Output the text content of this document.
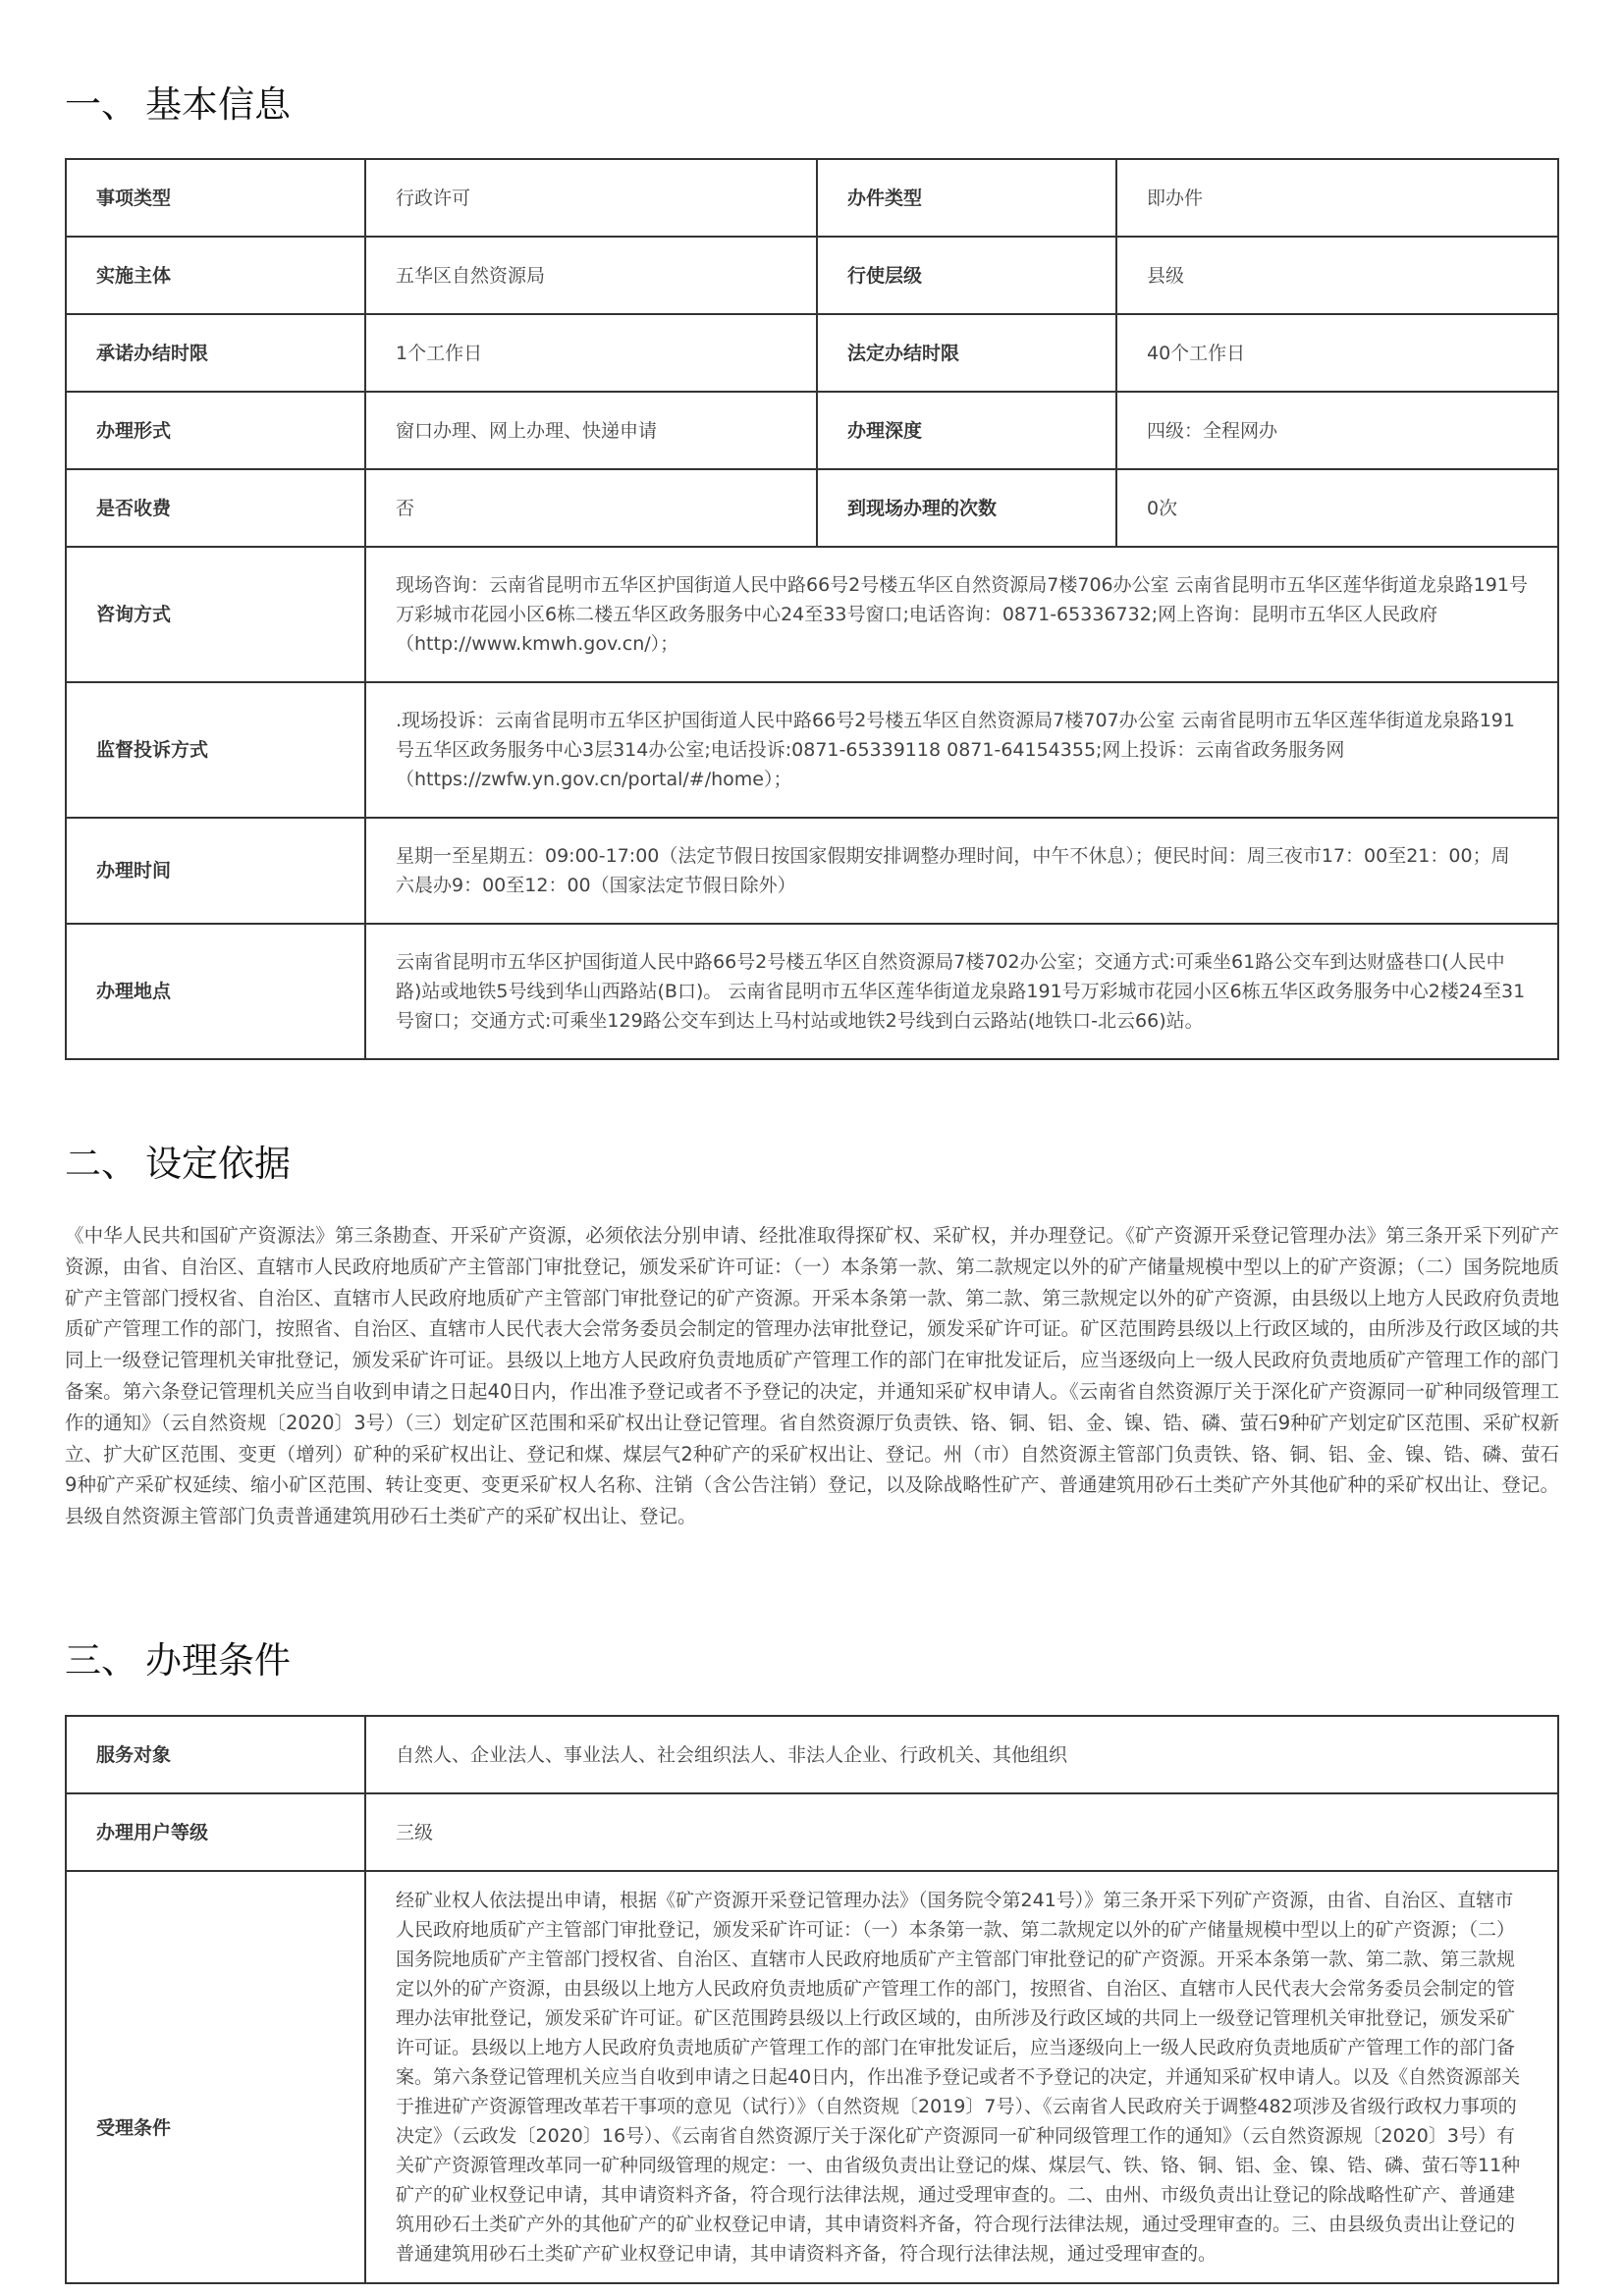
一、 基本信息
事项类型	行政许可	办件类型	即办件
实施主体	五华区自然资源局	行使层级	县级
承诺办结时限	1个工作日	法定办结时限	40个工作日
办理形式	窗口办理、网上办理、快递申请	办理深度	四级：全程网办
是否收费	否	到现场办理的次数	0次
咨询方式	现场咨询：云南省昆明市五华区护国街道人民中路66号2号楼五华区自然资源局7楼706办公室 云南省昆明市五华区莲华街道龙泉路191号万彩城市花园小区6栋二楼五华区政务服务中心24至33号窗口;电话咨询：0871-65336732;网上咨询：昆明市五华区人民政府（http://www.kmwh.gov.cn/）；		
监督投诉方式	.现场投诉：云南省昆明市五华区护国街道人民中路66号2号楼五华区自然资源局7楼707办公室 云南省昆明市五华区莲华街道龙泉路191号五华区政务服务中心3层314办公室;电话投诉:0871-65339118 0871-64154355;网上投诉：云南省政务服务网（https://zwfw.yn.gov.cn/portal/#/home）；		
办理时间	星期一至星期五：09:00-17:00（法定节假日按国家假期安排调整办理时间，中午不休息）；便民时间：周三夜市17：00至21：00；周六晨办9：00至12：00（国家法定节假日除外）		
办理地点	云南省昆明市五华区护国街道人民中路66号2号楼五华区自然资源局7楼702办公室；交通方式:可乘坐61路公交车到达财盛巷口(人民中路)站或地铁5号线到华山西路站(B口)。 云南省昆明市五华区莲华街道龙泉路191号万彩城市花园小区6栋五华区政务服务中心2楼24至31号窗口；交通方式:可乘坐129路公交车到达上马村站或地铁2号线到白云路站(地铁口-北云66)站。		
二、 设定依据

《中华人民共和国矿产资源法》第三条勘查、开采矿产资源，必须依法分别申请、经批准取得探矿权、采矿权，并办理登记。《矿产资源开采登记管理办法》第三条开采下列矿产资源，由省、自治区、直辖市人民政府地质矿产主管部门审批登记，颁发采矿许可证：（一）本条第一款、第二款规定以外的矿产储量规模中型以上的矿产资源；（二）国务院地质矿产主管部门授权省、自治区、直辖市人民政府地质矿产主管部门审批登记的矿产资源。开采本条第一款、第二款、第三款规定以外的矿产资源，由县级以上地方人民政府负责地质矿产管理工作的部门，按照省、自治区、直辖市人民代表大会常务委员会制定的管理办法审批登记，颁发采矿许可证。矿区范围跨县级以上行政区域的，由所涉及行政区域的共同上一级登记管理机关审批登记，颁发采矿许可证。县级以上地方人民政府负责地质矿产管理工作的部门在审批发证后，应当逐级向上一级人民政府负责地质矿产管理工作的部门备案。第六条登记管理机关应当自收到申请之日起40日内，作出准予登记或者不予登记的决定，并通知采矿权申请人。《云南省自然资源厅关于深化矿产资源同一矿种同级管理工作的通知》（云自然资规〔2020〕3号）（三）划定矿区范围和采矿权出让登记管理。省自然资源厅负责铁、铬、铜、铝、金、镍、锆、磷、萤石9种矿产划定矿区范围、采矿权新立、扩大矿区范围、变更（增列）矿种的采矿权出让、登记和煤、煤层气2种矿产的采矿权出让、登记。州（市）自然资源主管部门负责铁、铬、铜、铝、金、镍、锆、磷、萤石9种矿产采矿权延续、缩小矿区范围、转让变更、变更采矿权人名称、注销（含公告注销）登记，以及除战略性矿产、普通建筑用砂石土类矿产外其他矿种的采矿权出让、登记。县级自然资源主管部门负责普通建筑用砂石土类矿产的采矿权出让、登记。

三、 办理条件
服务对象	自然人、企业法人、事业法人、社会组织法人、非法人企业、行政机关、其他组织
办理用户等级	三级
受理条件	经矿业权人依法提出申请，根据《矿产资源开采登记管理办法》（国务院令第241号）》第三条开采下列矿产资源，由省、自治区、直辖市人民政府地质矿产主管部门审批登记，颁发采矿许可证：（一）本条第一款、第二款规定以外的矿产储量规模中型以上的矿产资源；（二）国务院地质矿产主管部门授权省、自治区、直辖市人民政府地质矿产主管部门审批登记的矿产资源。开采本条第一款、第二款、第三款规定以外的矿产资源，由县级以上地方人民政府负责地质矿产管理工作的部门，按照省、自治区、直辖市人民代表大会常务委员会制定的管理办法审批登记，颁发采矿许可证。矿区范围跨县级以上行政区域的，由所涉及行政区域的共同上一级登记管理机关审批登记，颁发采矿许可证。县级以上地方人民政府负责地质矿产管理工作的部门在审批发证后，应当逐级向上一级人民政府负责地质矿产管理工作的部门备案。第六条登记管理机关应当自收到申请之日起40日内，作出准予登记或者不予登记的决定，并通知采矿权申请人。以及《自然资源部关于推进矿产资源管理改革若干事项的意见（试行）》（自然资规〔2019〕7号）、《云南省人民政府关于调整482项涉及省级行政权力事项的决定》（云政发〔2020〕16号）、《云南省自然资源厅关于深化矿产资源同一矿种同级管理工作的通知》（云自然资源规〔2020〕3号）有关矿产资源管理改革同一矿种同级管理的规定：一、由省级负责出让登记的煤、煤层气、铁、铬、铜、铝、金、镍、锆、磷、萤石等11种矿产的矿业权登记申请，其申请资料齐备，符合现行法律法规，通过受理审查的。二、由州、市级负责出让登记的除战略性矿产、普通建筑用砂石土类矿产外的其他矿产的矿业权登记申请，其申请资料齐备，符合现行法律法规，通过受理审查的。三、由县级负责出让登记的普通建筑用砂石土类矿产矿业权登记申请，其申请资料齐备，符合现行法律法规，通过受理审查的。
